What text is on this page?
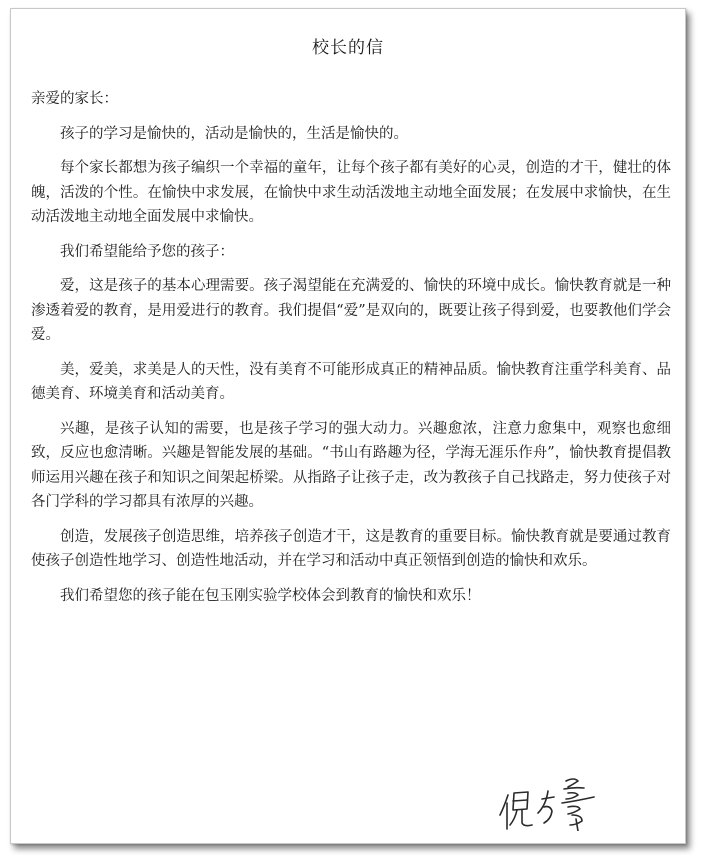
校长的信

亲爱的家长：

孩子的学习是愉快的，活动是愉快的，生活是愉快的。

每个家长都想为孩子编织一个幸福的童年，让每个孩子都有美好的心灵，创造的才干，健壮的体魄，活泼的个性。在愉快中求发展，在愉快中求生动活泼地主动地全面发展；在发展中求愉快，在生动活泼地主动地全面发展中求愉快。

我们希望能给予您的孩子：

爱，这是孩子的基本心理需要。孩子渴望能在充满爱的、愉快的环境中成长。愉快教育就是一种渗透着爱的教育，是用爱进行的教育。我们提倡“爱”是双向的，既要让孩子得到爱，也要教他们学会爱。

美，爱美，求美是人的天性，没有美育不可能形成真正的精神品质。愉快教育注重学科美育、品德美育、环境美育和活动美育。

兴趣，是孩子认知的需要，也是孩子学习的强大动力。兴趣愈浓，注意力愈集中，观察也愈细致，反应也愈清晰。兴趣是智能发展的基础。“书山有路趣为径，学海无涯乐作舟”，愉快教育提倡教师运用兴趣在孩子和知识之间架起桥梁。从指路子让孩子走，改为教孩子自己找路走，努力使孩子对各门学科的学习都具有浓厚的兴趣。

创造，发展孩子创造思维，培养孩子创造才干，这是教育的重要目标。愉快教育就是要通过教育使孩子创造性地学习、创造性地活动，并在学习和活动中真正领悟到创造的愉快和欢乐。

我们希望您的孩子能在包玉刚实验学校体会到教育的愉快和欢乐！
